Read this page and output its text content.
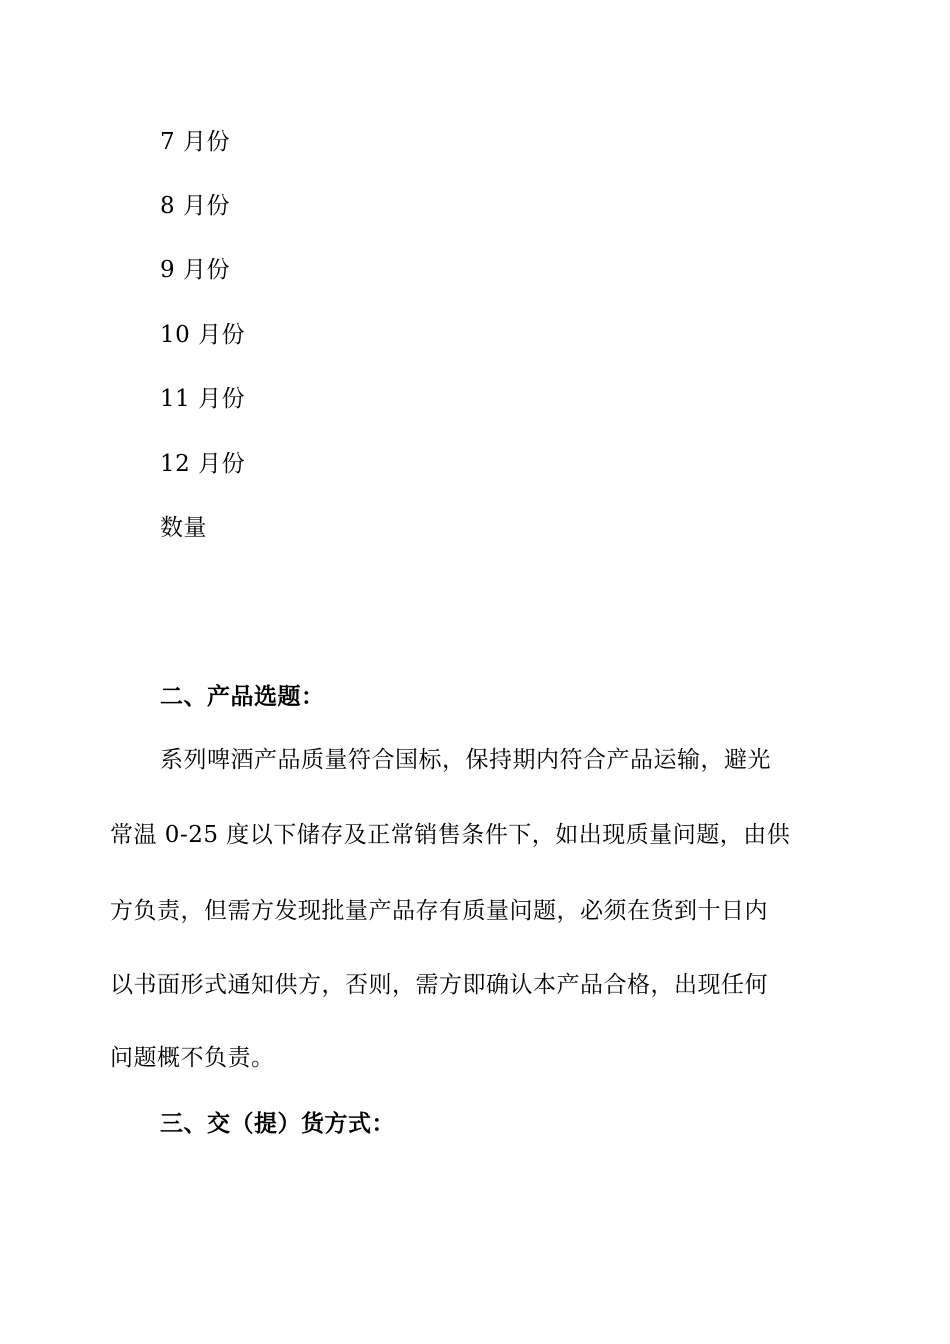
7 月份
8 月份
9 月份
10 月份
11 月份
12 月份
数量
二、产品选题：
系列啤酒产品质量符合国标，保持期内符合产品运输，避光
常温 0-25 度以下储存及正常销售条件下，如出现质量问题，由供
方负责，但需方发现批量产品存有质量问题，必须在货到十日内
以书面形式通知供方，否则，需方即确认本产品合格，出现任何
问题概不负责。
三、交（提）货方式：
